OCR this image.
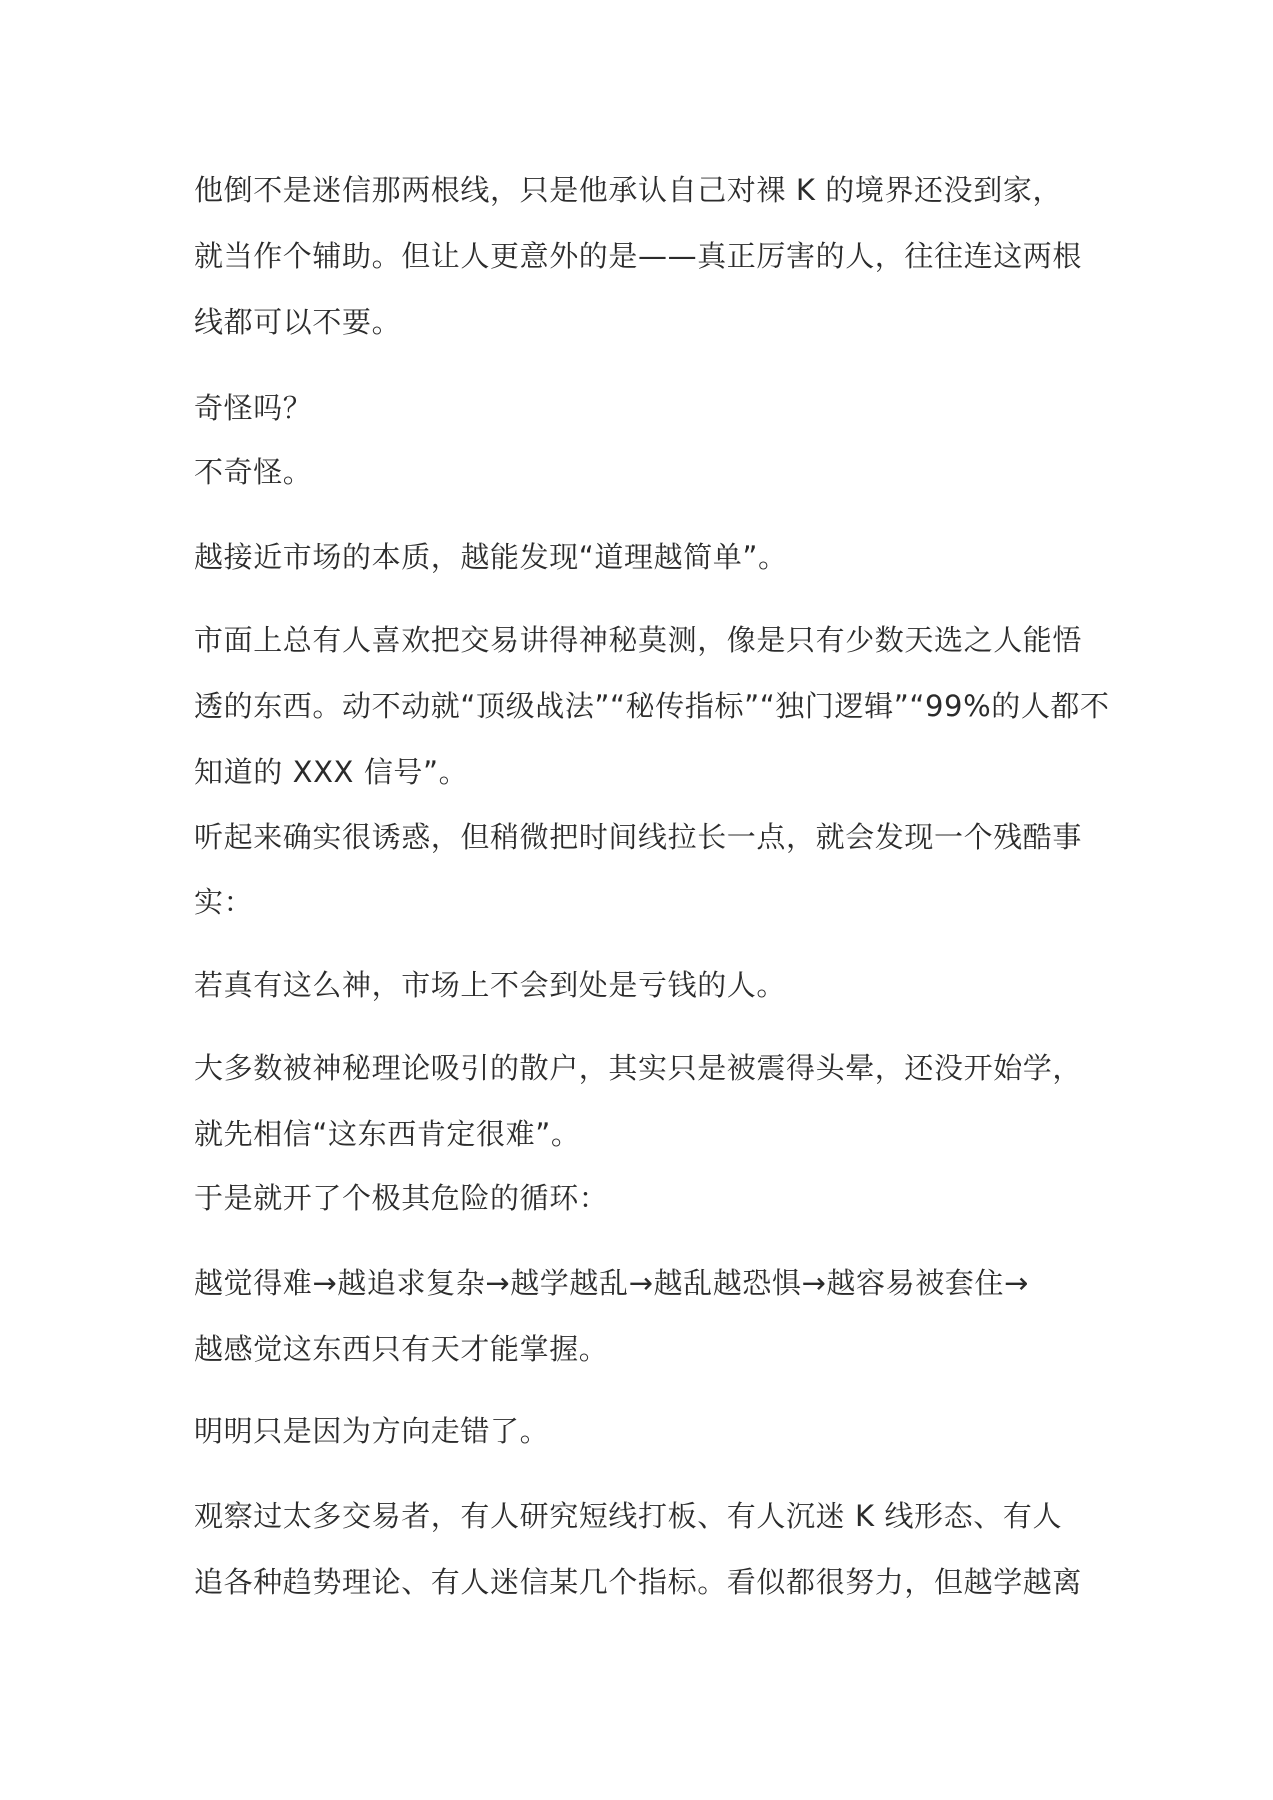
他倒不是迷信那两根线，只是他承认自己对裸 K 的境界还没到家，
就当作个辅助。但让人更意外的是——真正厉害的人，往往连这两根
线都可以不要。
奇怪吗？
不奇怪。
越接近市场的本质，越能发现“道理越简单”。
市面上总有人喜欢把交易讲得神秘莫测，像是只有少数天选之人能悟
透的东西。动不动就“顶级战法”“秘传指标”“独门逻辑”“99%的人都不
知道的 XXX 信号”。
听起来确实很诱惑，但稍微把时间线拉长一点，就会发现一个残酷事
实：
若真有这么神，市场上不会到处是亏钱的人。
大多数被神秘理论吸引的散户，其实只是被震得头晕，还没开始学，
就先相信“这东西肯定很难”。
于是就开了个极其危险的循环：
越觉得难→越追求复杂→越学越乱→越乱越恐惧→越容易被套住→
越感觉这东西只有天才能掌握。
明明只是因为方向走错了。
观察过太多交易者，有人研究短线打板、有人沉迷 K 线形态、有人
追各种趋势理论、有人迷信某几个指标。看似都很努力，但越学越离
